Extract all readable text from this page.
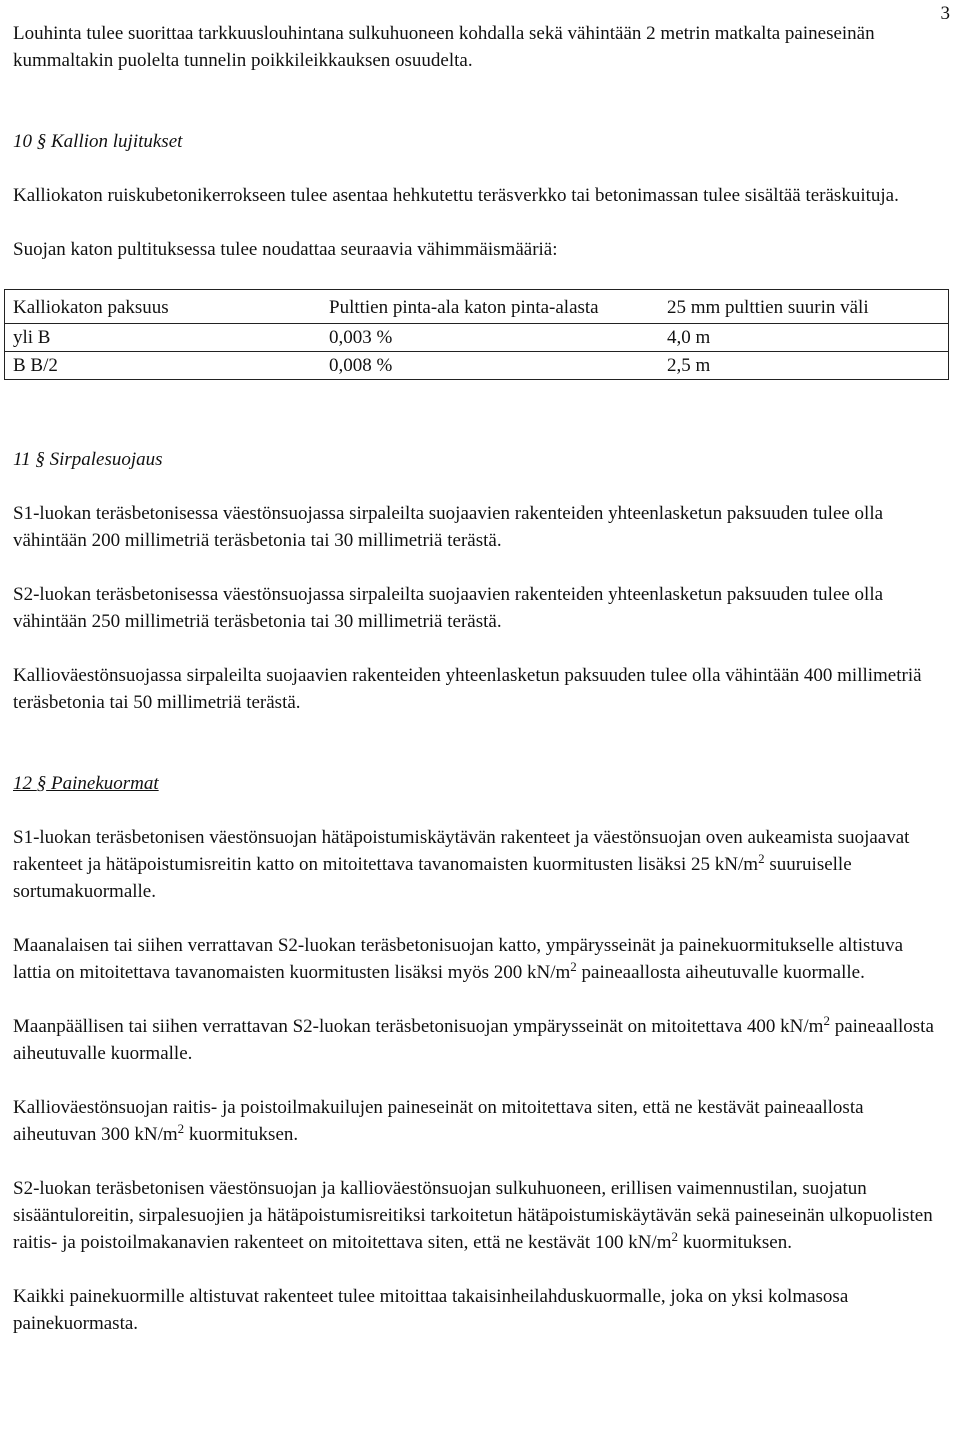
3

Louhinta tulee suorittaa tarkkuuslouhintana sulkuhuoneen kohdalla sekä vähintään 2 metrin matkalta paineseinän kummaltakin puolelta tunnelin poikkileikkauksen osuudelta.

10 § Kallion lujitukset

Kalliokaton ruiskubetonikerrokseen tulee asentaa hehkutettu teräsverkko tai betonimassan tulee sisältää teräskuituja.

Suojan katon pultituksessa tulee noudattaa seuraavia vähimmäismääriä:

Kalliokaton paksuus	Pulttien pinta-ala katon pinta-alasta	25 mm pulttien suurin väli
yli B	0,003 %	4,0 m
B B/2	0,008 %	2,5 m

11 § Sirpalesuojaus

S1-luokan teräsbetonisessa väestönsuojassa sirpaleilta suojaavien rakenteiden yhteenlasketun paksuuden tulee olla vähintään 200 millimetriä teräsbetonia tai 30 millimetriä terästä.

S2-luokan teräsbetonisessa väestönsuojassa sirpaleilta suojaavien rakenteiden yhteenlasketun paksuuden tulee olla vähintään 250 millimetriä teräsbetonia tai 30 millimetriä terästä.

Kallioväestönsuojassa sirpaleilta suojaavien rakenteiden yhteenlasketun paksuuden tulee olla vähintään 400 millimetriä teräsbetonia tai 50 millimetriä terästä.

12 § Painekuormat

S1-luokan teräsbetonisen väestönsuojan hätäpoistumiskäytävän rakenteet ja väestönsuojan oven aukeamista suojaavat rakenteet ja hätäpoistumisreitin katto on mitoitettava tavanomaisten kuormitusten lisäksi 25 $kN/m^2$ suuruiselle sortumakuormalle.

Maanalaisen tai siihen verrattavan S2-luokan teräsbetonisuojan katto, ympärysseinät ja painekuormitukselle altistuva lattia on mitoitettava tavanomaisten kuormitusten lisäksi myös 200 $kN/m^2$ paineaallosta aiheutuvalle kuormalle.

Maanpäällisen tai siihen verrattavan S2-luokan teräsbetonisuojan ympärysseinät on mitoitettava 400 $kN/m^2$ paineaallosta aiheutuvalle kuormalle.

Kallioväestönsuojan raitis- ja poistoilmakuilujen paineseinät on mitoitettava siten, että ne kestävät paineaallosta aiheutuvan 300 $kN/m^2$ kuormituksen.

S2-luokan teräsbetonisen väestönsuojan ja kallioväestönsuojan sulkuhuoneen, erillisen vaimennustilan, suojatun sisääntuloreitin, sirpalesuojien ja hätäpoistumisreitiksi tarkoitetun hätäpoistumiskäytävän sekä paineseinän ulkopuolisten raitis- ja poistoilmakanavien rakenteet on mitoitettava siten, että ne kestävät 100 $kN/m^2$ kuormituksen.

Kaikki painekuormille altistuvat rakenteet tulee mitoittaa takaisinheilahduskuormalle, joka on yksi kolmasosa painekuormasta.
